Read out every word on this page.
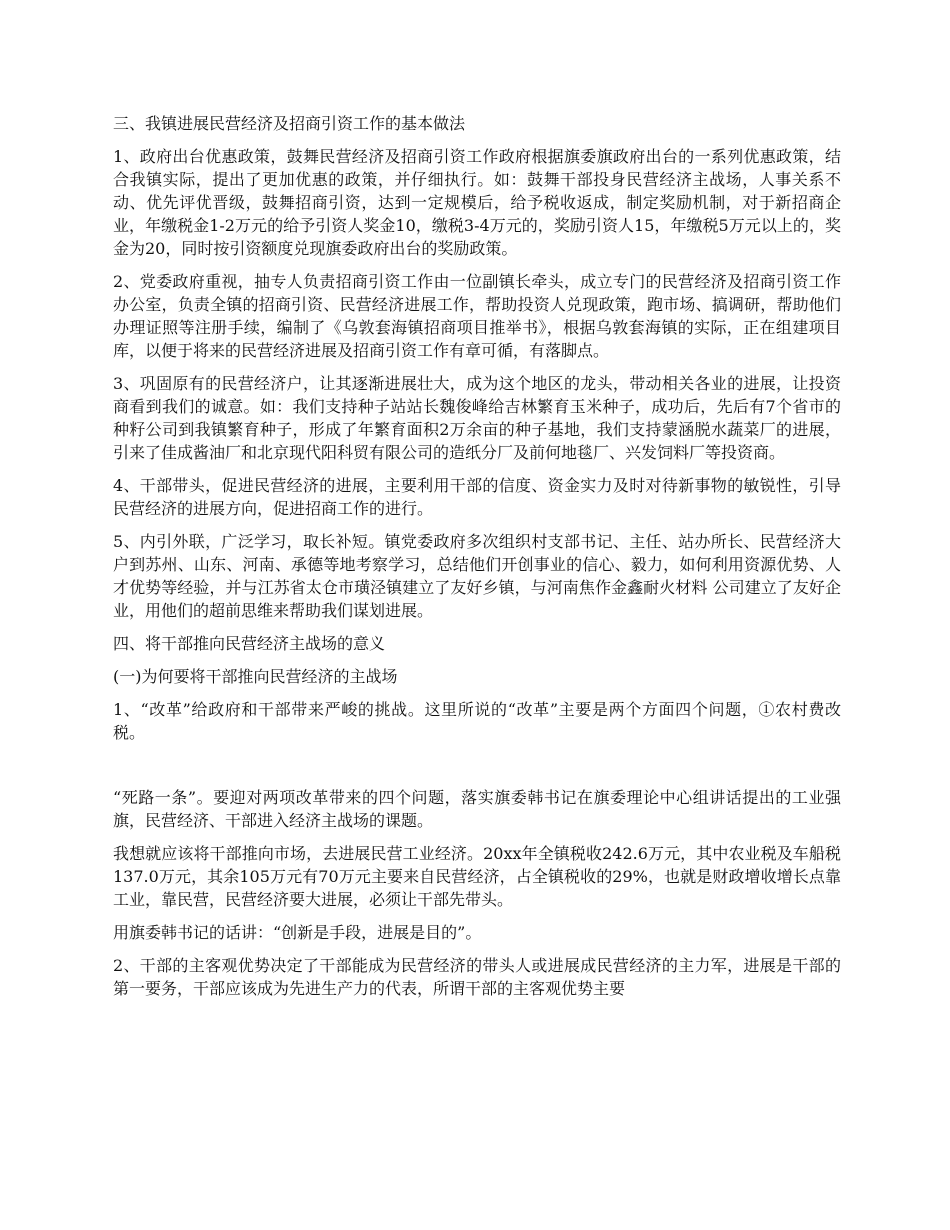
三、我镇进展民营经济及招商引资工作的基本做法

1、政府出台优惠政策，鼓舞民营经济及招商引资工作政府根据旗委旗政府出台的一系列优惠政策，结合我镇实际，提出了更加优惠的政策，并仔细执行。如：鼓舞干部投身民营经济主战场，人事关系不动、优先评优晋级，鼓舞招商引资，达到一定规模后，给予税收返成，制定奖励机制，对于新招商企业，年缴税金1-2万元的给予引资人奖金10，缴税3-4万元的，奖励引资人15，年缴税5万元以上的，奖金为20，同时按引资额度兑现旗委政府出台的奖励政策。

2、党委政府重视，抽专人负责招商引资工作由一位副镇长牵头，成立专门的民营经济及招商引资工作办公室，负责全镇的招商引资、民营经济进展工作，帮助投资人兑现政策，跑市场、搞调研，帮助他们办理证照等注册手续，编制了《乌敦套海镇招商项目推举书》，根据乌敦套海镇的实际，正在组建项目库，以便于将来的民营经济进展及招商引资工作有章可循，有落脚点。

3、巩固原有的民营经济户，让其逐渐进展壮大，成为这个地区的龙头，带动相关各业的进展，让投资商看到我们的诚意。如：我们支持种子站站长魏俊峰给吉林繁育玉米种子，成功后，先后有7个省市的种籽公司到我镇繁育种子，形成了年繁育面积2万余亩的种子基地，我们支持蒙涵脱水蔬菜厂的进展，引来了佳成酱油厂和北京现代阳科贸有限公司的造纸分厂及前何地毯厂、兴发饲料厂等投资商。

4、干部带头，促进民营经济的进展，主要利用干部的信度、资金实力及时对待新事物的敏锐性，引导民营经济的进展方向，促进招商工作的进行。

5、内引外联，广泛学习，取长补短。镇党委政府多次组织村支部书记、主任、站办所长、民营经济大户到苏州、山东、河南、承德等地考察学习，总结他们开创事业的信心、毅力，如何利用资源优势、人才优势等经验，并与江苏省太仓市璜泾镇建立了友好乡镇，与河南焦作金鑫耐火材料 公司建立了友好企业，用他们的超前思维来帮助我们谋划进展。

四、将干部推向民营经济主战场的意义

(一)为何要将干部推向民营经济的主战场

1、“改革”给政府和干部带来严峻的挑战。这里所说的“改革”主要是两个方面四个问题，①农村费改税。

“死路一条”。要迎对两项改革带来的四个问题，落实旗委韩书记在旗委理论中心组讲话提出的工业强旗，民营经济、干部进入经济主战场的课题。

我想就应该将干部推向市场，去进展民营工业经济。20xx年全镇税收242.6万元，其中农业税及车船税137.0万元，其余105万元有70万元主要来自民营经济，占全镇税收的29%，也就是财政增收增长点靠工业，靠民营，民营经济要大进展，必须让干部先带头。

用旗委韩书记的话讲：“创新是手段，进展是目的”。

2、干部的主客观优势决定了干部能成为民营经济的带头人或进展成民营经济的主力军，进展是干部的第一要务，干部应该成为先进生产力的代表，所谓干部的主客观优势主要
